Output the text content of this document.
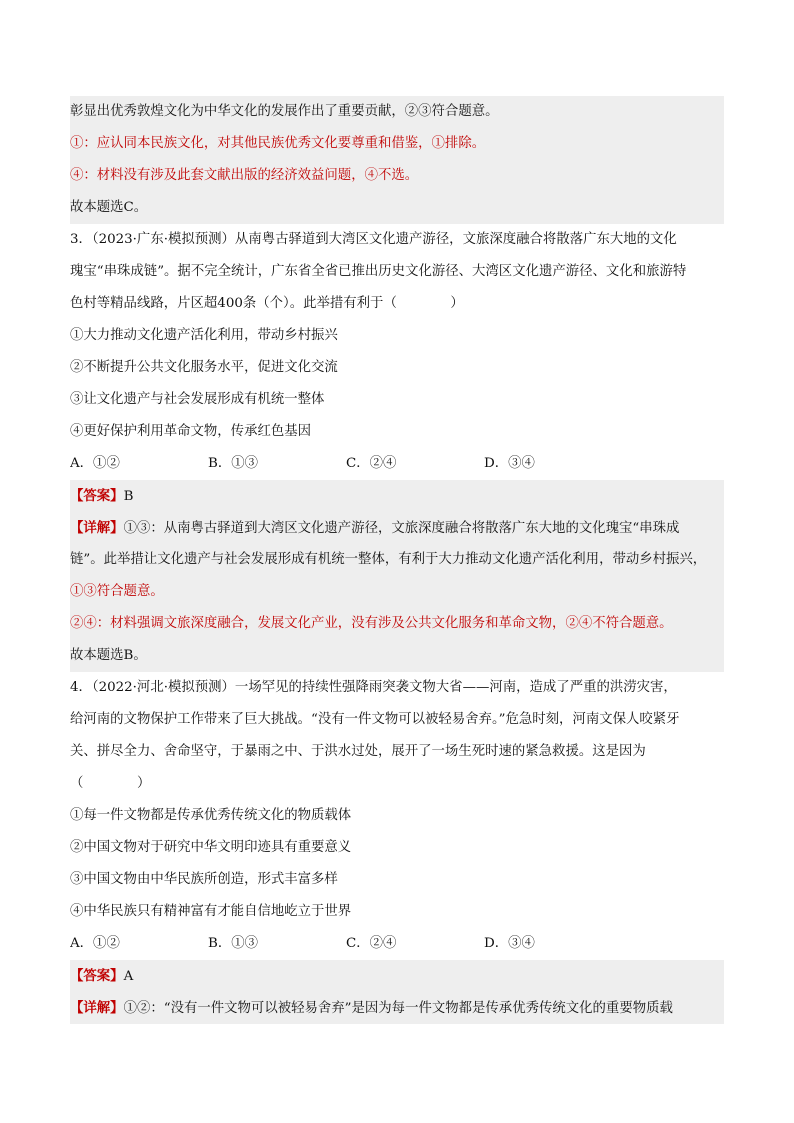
彰显出优秀敦煌文化为中华文化的发展作出了重要贡献，②③符合题意。
①：应认同本民族文化，对其他民族优秀文化要尊重和借鉴，①排除。
④：材料没有涉及此套文献出版的经济效益问题，④不选。
故本题选C。
3．（2023·广东·模拟预测）从南粤古驿道到大湾区文化遗产游径，文旅深度融合将散落广东大地的文化
瑰宝“串珠成链”。据不完全统计，广东省全省已推出历史文化游径、大湾区文化遗产游径、文化和旅游特
色村等精品线路，片区超400条（个）。此举措有利于（　　　　）
①大力推动文化遗产活化利用，带动乡村振兴
②不断提升公共文化服务水平，促进文化交流
③让文化遗产与社会发展形成有机统一整体
④更好保护利用革命文物，传承红色基因
A．①②	B．①③	C．②④	D．③④
【答案】B
【详解】①③：从南粤古驿道到大湾区文化遗产游径，文旅深度融合将散落广东大地的文化瑰宝“串珠成
链”。此举措让文化遗产与社会发展形成有机统一整体，有利于大力推动文化遗产活化利用，带动乡村振兴，
①③符合题意。
②④：材料强调文旅深度融合，发展文化产业，没有涉及公共文化服务和革命文物，②④不符合题意。
故本题选B。
4．（2022·河北·模拟预测）一场罕见的持续性强降雨突袭文物大省——河南，造成了严重的洪涝灾害，
给河南的文物保护工作带来了巨大挑战。“没有一件文物可以被轻易舍弃。”危急时刻，河南文保人咬紧牙
关、拼尽全力、舍命坚守，于暴雨之中、于洪水过处，展开了一场生死时速的紧急救援。这是因为
（　　　　）
①每一件文物都是传承优秀传统文化的物质载体
②中国文物对于研究中华文明印迹具有重要意义
③中国文物由中华民族所创造，形式丰富多样
④中华民族只有精神富有才能自信地屹立于世界
A．①②	B．①③	C．②④	D．③④
【答案】A
【详解】①②：“没有一件文物可以被轻易舍弃”是因为每一件文物都是传承优秀传统文化的重要物质载
